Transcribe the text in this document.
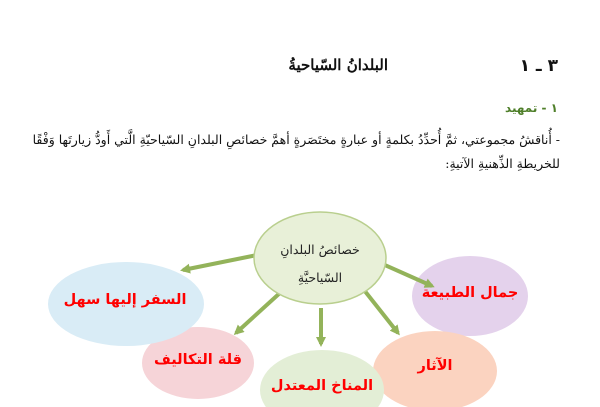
٣ ـ ١
البلدانُ السّياحيةُ
١ - تمهيد
- أُناقشُ مجموعتي، ثمَّ أُحدِّدُ بكلمةٍ أو عبارةٍ مختَصَرةٍ أهمَّ خصائصِ البلدانِ السّياحيّةِ الَّتي أَودُّ زيارتَها وَفْقًا للخريطةِ الذِّهنيةِ الآتيةِ:
خصائصُ البلدانِ
السّياحيَّةِ
جمال الطبيعة
الآثار
المناخ المعتدل
قلة التكاليف
السفر إليها سهل
